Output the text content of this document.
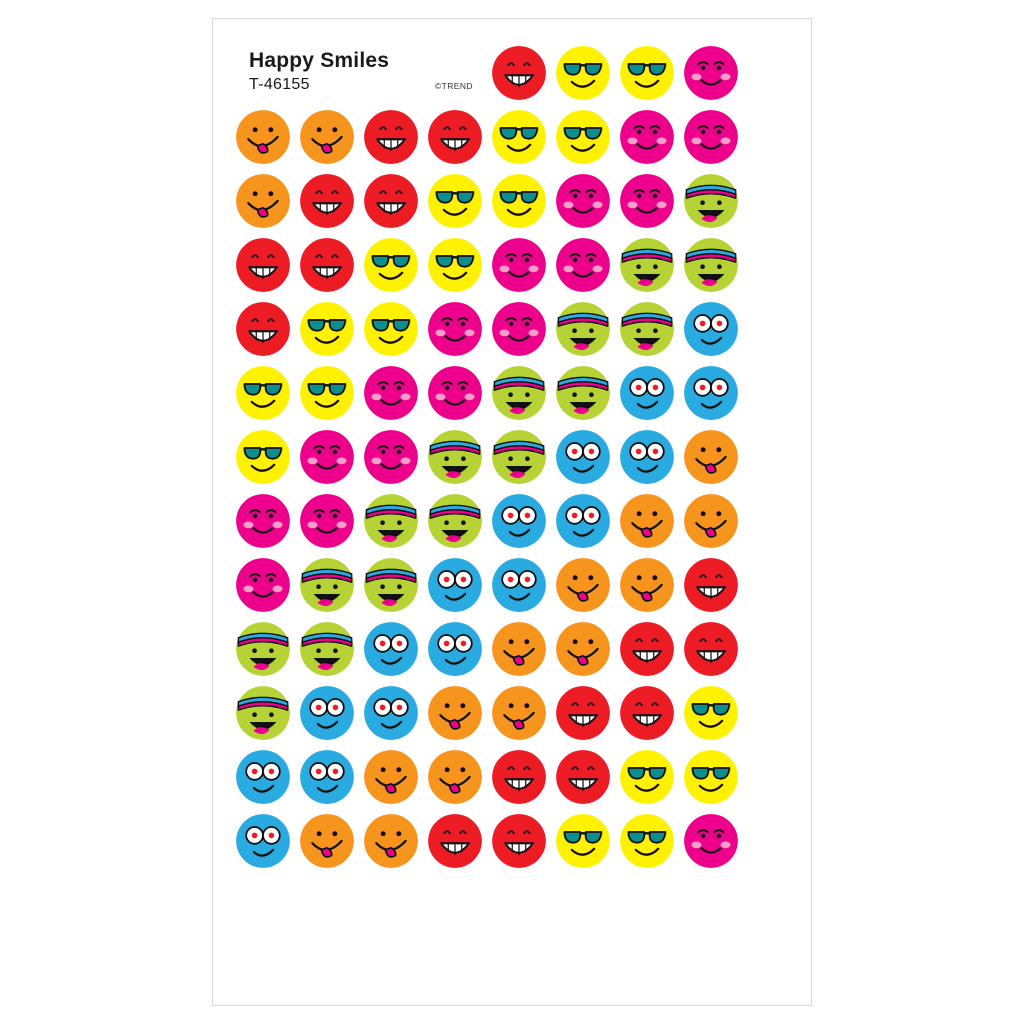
Happy Smiles
T-46155	©TREND
